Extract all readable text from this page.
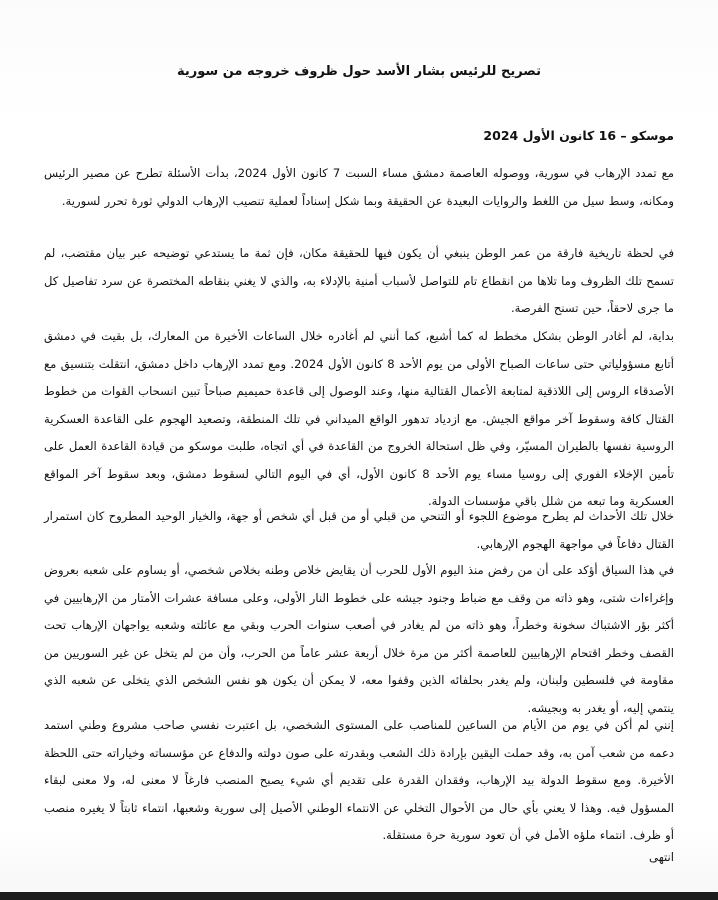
تصريح للرئيس بشار الأسد حول ظروف خروجه من سورية
موسكو – 16 كانون الأول 2024

مع تمدد الإرهاب في سورية، ووصوله العاصمة دمشق مساء السبت 7 كانون الأول 2024، بدأت الأسئلة تطرح عن مصير الرئيس ومكانه، وسط سيل من اللغط والروايات البعيدة عن الحقيقة وبما شكل إسناداً لعملية تنصيب الإرهاب الدولي ثورة تحرر لسورية.

في لحظة تاريخية فارقة من عمر الوطن ينبغي أن يكون فيها للحقيقة مكان، فإن ثمة ما يستدعي توضيحه عبر بيان مقتضب، لم تسمح تلك الظروف وما تلاها من انقطاع تام للتواصل لأسباب أمنية بالإدلاء به، والذي لا يغني بنقاطه المختصرة عن سرد تفاصيل كل ما جرى لاحقاً، حين تسنح الفرصة.

بداية، لم أغادر الوطن بشكل مخطط له كما أشيع، كما أنني لم أغادره خلال الساعات الأخيرة من المعارك، بل بقيت في دمشق أتابع مسؤولياتي حتى ساعات الصباح الأولى من يوم الأحد 8 كانون الأول 2024. ومع تمدد الإرهاب داخل دمشق، انتقلت بتنسيق مع الأصدقاء الروس إلى اللاذقية لمتابعة الأعمال القتالية منها، وعند الوصول إلى قاعدة حميميم صباحاً تبين انسحاب القوات من خطوط القتال كافة وسقوط آخر مواقع الجيش. مع ازدياد تدهور الواقع الميداني في تلك المنطقة، وتصعيد الهجوم على القاعدة العسكرية الروسية نفسها بالطيران المسيّر، وفي ظل استحالة الخروج من القاعدة في أي اتجاه، طلبت موسكو من قيادة القاعدة العمل على تأمين الإخلاء الفوري إلى روسيا مساء يوم الأحد 8 كانون الأول، أي في اليوم التالي لسقوط دمشق، وبعد سقوط آخر المواقع العسكرية وما تبعه من شلل باقي مؤسسات الدولة.

خلال تلك الأحداث لم يطرح موضوع اللجوء أو التنحي من قبلي أو من قبل أي شخص أو جهة، والخيار الوحيد المطروح كان استمرار القتال دفاعاً في مواجهة الهجوم الإرهابي.

في هذا السياق أؤكد على أن من رفض منذ اليوم الأول للحرب أن يقايض خلاص وطنه بخلاص شخصي، أو يساوم على شعبه بعروض وإغراءات شتى، وهو ذاته من وقف مع ضباط وجنود جيشه على خطوط النار الأولى، وعلى مسافة عشرات الأمتار من الإرهابيين في أكثر بؤر الاشتباك سخونة وخطراً، وهو ذاته من لم يغادر في أصعب سنوات الحرب وبقي مع عائلته وشعبه يواجهان الإرهاب تحت القصف وخطر اقتحام الإرهابيين للعاصمة أكثر من مرة خلال أربعة عشر عاماً من الحرب، وأن من لم يتخل عن غير السوريين من مقاومة في فلسطين ولبنان، ولم يغدر بحلفائه الذين وقفوا معه، لا يمكن أن يكون هو نفس الشخص الذي يتخلى عن شعبه الذي ينتمي إليه، أو يغدر به وبجيشه.

إنني لم أكن في يوم من الأيام من الساعين للمناصب على المستوى الشخصي، بل اعتبرت نفسي صاحب مشروع وطني استمد دعمه من شعب آمن به، وقد حملت اليقين بإرادة ذلك الشعب وبقدرته على صون دولته والدفاع عن مؤسساته وخياراته حتى اللحظة الأخيرة. ومع سقوط الدولة بيد الإرهاب، وفقدان القدرة على تقديم أي شيء يصبح المنصب فارغاً لا معنى له، ولا معنى لبقاء المسؤول فيه. وهذا لا يعني بأي حال من الأحوال التخلي عن الانتماء الوطني الأصيل إلى سورية وشعبها، انتماء ثابتاً لا يغيره منصب أو ظرف. انتماء ملؤه الأمل في أن تعود سورية حرة مستقلة.

انتهى
